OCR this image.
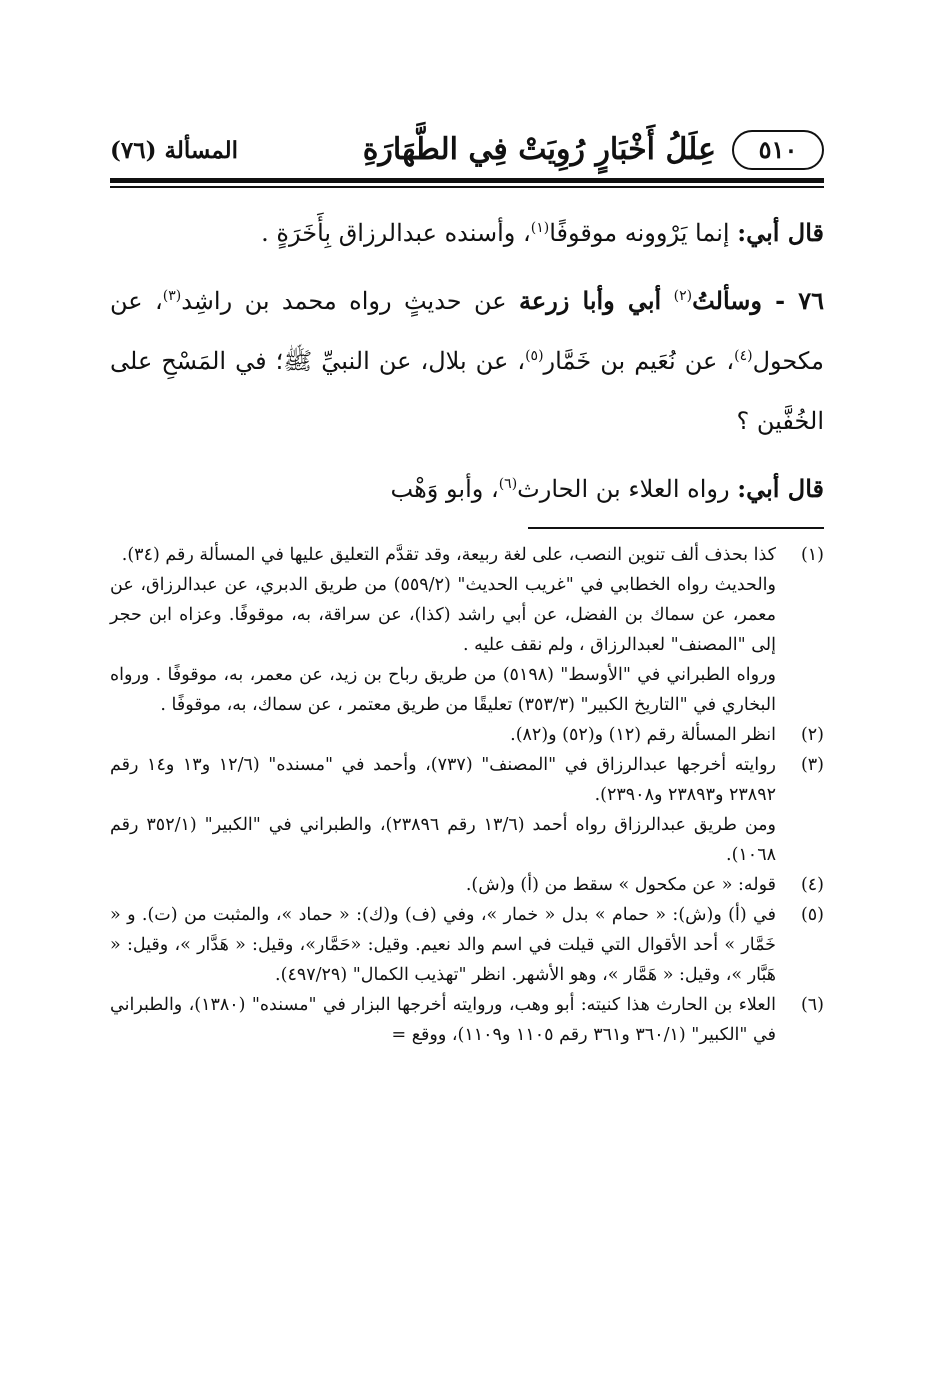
٥١٠
عِلَلُ أَخْبَارٍ رُوِيَتْ فِي الطَّهَارَةِ
المسألة (٧٦)

قال أبي: إنما يَرْوونه موقوفًا$^{(١)}$، وأسنده عبدالرزاق بِأَخَرَةٍ .

٧٦ - وسألتُ$^{(٢)}$ أبي وأبا زرعة عن حديثٍ رواه محمد بن راشِد$^{(٣)}$، عن مكحول$^{(٤)}$، عن نُعَيم بن خَمَّار$^{(٥)}$، عن بلال، عن النبيِّ ﷺ؛ في المَسْحِ على الخُفَّين ؟

قال أبي: رواه العلاء بن الحارث$^{(٦)}$، وأبو وَهْب

(١)

كذا بحذف ألف تنوين النصب، على لغة ربيعة، وقد تقدَّم التعليق عليها في المسألة رقم (٣٤).

والحديث رواه الخطابي في "غريب الحديث" (٥٥٩/٢) من طريق الدبري، عن عبدالرزاق، عن معمر، عن سماك بن الفضل، عن أبي راشد (كذا)، عن سراقة، به، موقوفًا. وعزاه ابن حجر إلى "المصنف" لعبدالرزاق ، ولم نقف عليه .

ورواه الطبراني في "الأوسط" (٥١٩٨) من طريق رباح بن زيد، عن معمر، به، موقوفًا . ورواه البخاري في "التاريخ الكبير" (٣٥٣/٣) تعليقًا من طريق معتمر ، عن سماك، به، موقوفًا .

(٢)

انظر المسألة رقم (١٢) و(٥٢) و(٨٢).

(٣)

روايته أخرجها عبدالرزاق في "المصنف" (٧٣٧)، وأحمد في "مسنده" (١٢/٦ و١٣ و١٤ رقم ٢٣٨٩٢ و٢٣٨٩٣ و٢٣٩٠٨).

ومن طريق عبدالرزاق رواه أحمد (١٣/٦ رقم ٢٣٨٩٦)، والطبراني في "الكبير" (٣٥٢/١ رقم ١٠٦٨).

(٤)

قوله: « عن مكحول » سقط من (أ) و(ش).

(٥)

في (أ) و(ش): « حمام » بدل « خمار »، وفي (ف) و(ك): « حماد »، والمثبت من (ت). و « خَمَّار » أحد الأقوال التي قيلت في اسم والد نعيم. وقيل: «حَمَّار»، وقيل: « هَدَّار »، وقيل: « هَبَّار »، وقيل: « هَمَّار »، وهو الأشهر. انظر "تهذيب الكمال" (٤٩٧/٢٩).

(٦)

العلاء بن الحارث هذا كنيته: أبو وهب، وروايته أخرجها البزار في "مسنده" (١٣٨٠)، والطبراني في "الكبير" (٣٦٠/١ و٣٦١ رقم ١١٠٥ و١١٠٩)، ووقع =
